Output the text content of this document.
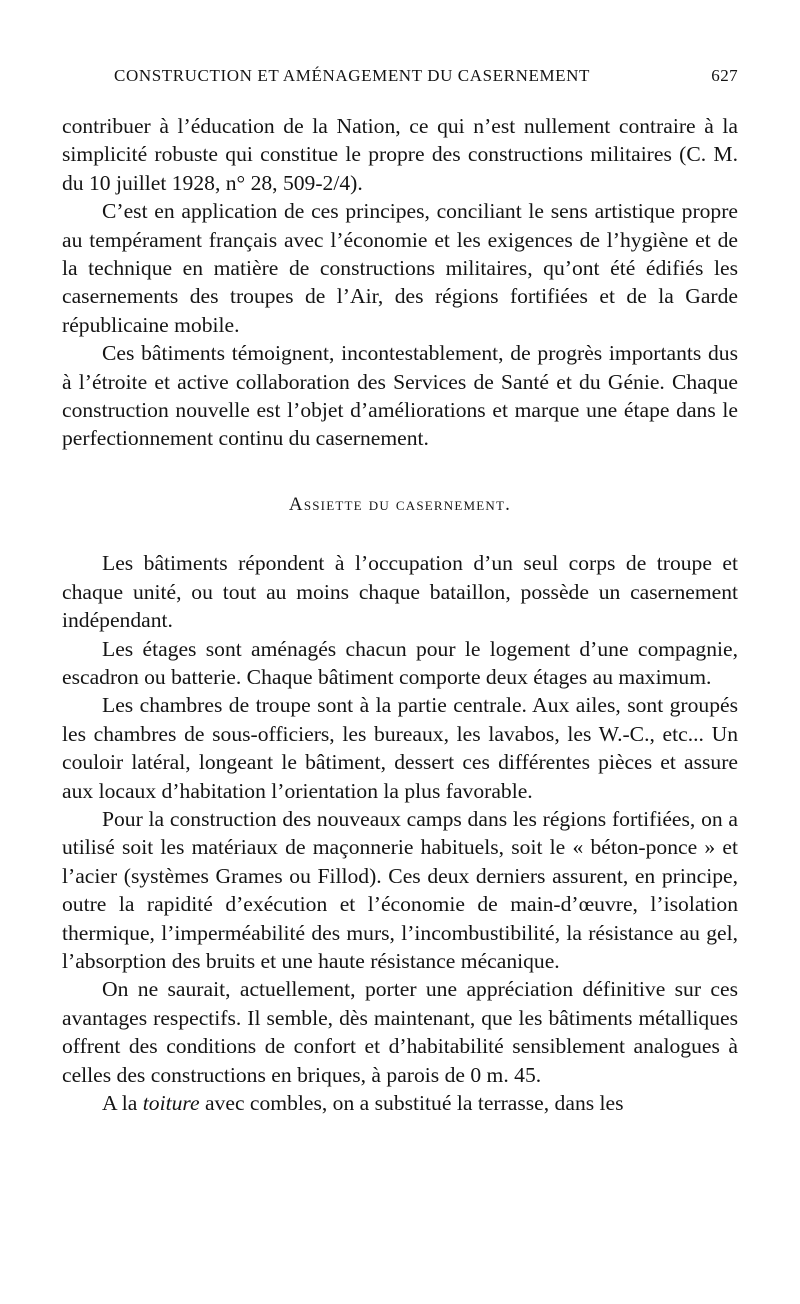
CONSTRUCTION ET AMÉNAGEMENT DU CASERNEMENT	627

contribuer à l’éducation de la Nation, ce qui n’est nullement contraire à la simplicité robuste qui constitue le propre des constructions militaires (C. M. du 10 juillet 1928, n° 28, 509-2/4).

C’est en application de ces principes, conciliant le sens artistique propre au tempérament français avec l’économie et les exigences de l’hygiène et de la technique en matière de constructions militaires, qu’ont été édifiés les casernements des troupes de l’Air, des régions fortifiées et de la Garde républicaine mobile.

Ces bâtiments témoignent, incontestablement, de progrès importants dus à l’étroite et active collaboration des Services de Santé et du Génie. Chaque construction nouvelle est l’objet d’améliorations et marque une étape dans le perfectionnement continu du casernement.

Assiette du casernement.

Les bâtiments répondent à l’occupation d’un seul corps de troupe et chaque unité, ou tout au moins chaque bataillon, possède un casernement indépendant.

Les étages sont aménagés chacun pour le logement d’une compagnie, escadron ou batterie. Chaque bâtiment comporte deux étages au maximum.

Les chambres de troupe sont à la partie centrale. Aux ailes, sont groupés les chambres de sous-officiers, les bureaux, les lavabos, les W.-C., etc... Un couloir latéral, longeant le bâtiment, dessert ces différentes pièces et assure aux locaux d’habitation l’orientation la plus favorable.

Pour la construction des nouveaux camps dans les régions fortifiées, on a utilisé soit les matériaux de maçonnerie habituels, soit le « béton-ponce » et l’acier (systèmes Grames ou Fillod). Ces deux derniers assurent, en principe, outre la rapidité d’exécution et l’économie de main-d’œuvre, l’isolation thermique, l’imperméabilité des murs, l’incombustibilité, la résistance au gel, l’absorption des bruits et une haute résistance mécanique.

On ne saurait, actuellement, porter une appréciation définitive sur ces avantages respectifs. Il semble, dès maintenant, que les bâtiments métalliques offrent des conditions de confort et d’habitabilité sensiblement analogues à celles des constructions en briques, à parois de 0 m. 45.

A la toiture avec combles, on a substitué la terrasse, dans les
